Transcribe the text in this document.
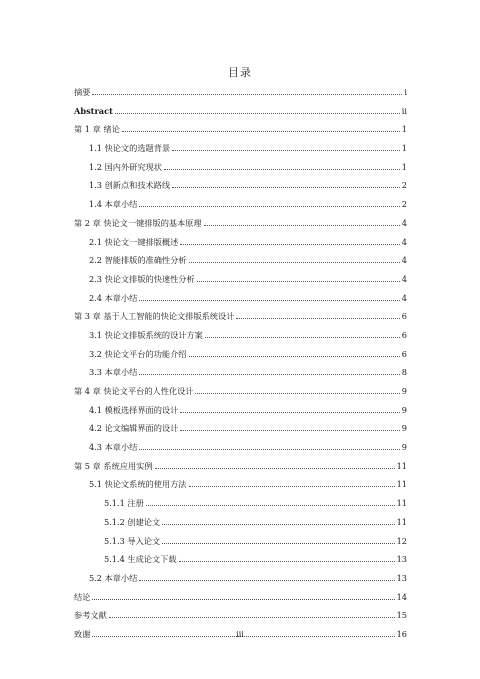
目录
摘要	i
Abstract	ii
第 1 章 绪论	1
1.1 快论文的选题背景	1
1.2 国内外研究现状	1
1.3 创新点和技术路线	2
1.4 本章小结	2
第 2 章 快论文一键排版的基本原理	4
2.1 快论文一键排版概述	4
2.2 智能排版的准确性分析	4
2.3 快论文排版的快速性分析	4
2.4 本章小结	4
第 3 章 基于人工智能的快论文排版系统设计	6
3.1 快论文排版系统的设计方案	6
3.2 快论文平台的功能介绍	6
3.3 本章小结	8
第 4 章 快论文平台的人性化设计	9
4.1 模板选择界面的设计	9
4.2 论文编辑界面的设计	9
4.3 本章小结	9
第 5 章 系统应用实例	11
5.1 快论文系统的使用方法	11
5.1.1 注册	11
5.1.2 创建论文	11
5.1.3 导入论文	12
5.1.4 生成论文下载	13
5.2 本章小结	13
结论	14
参考文献	15
致谢	16
iii
